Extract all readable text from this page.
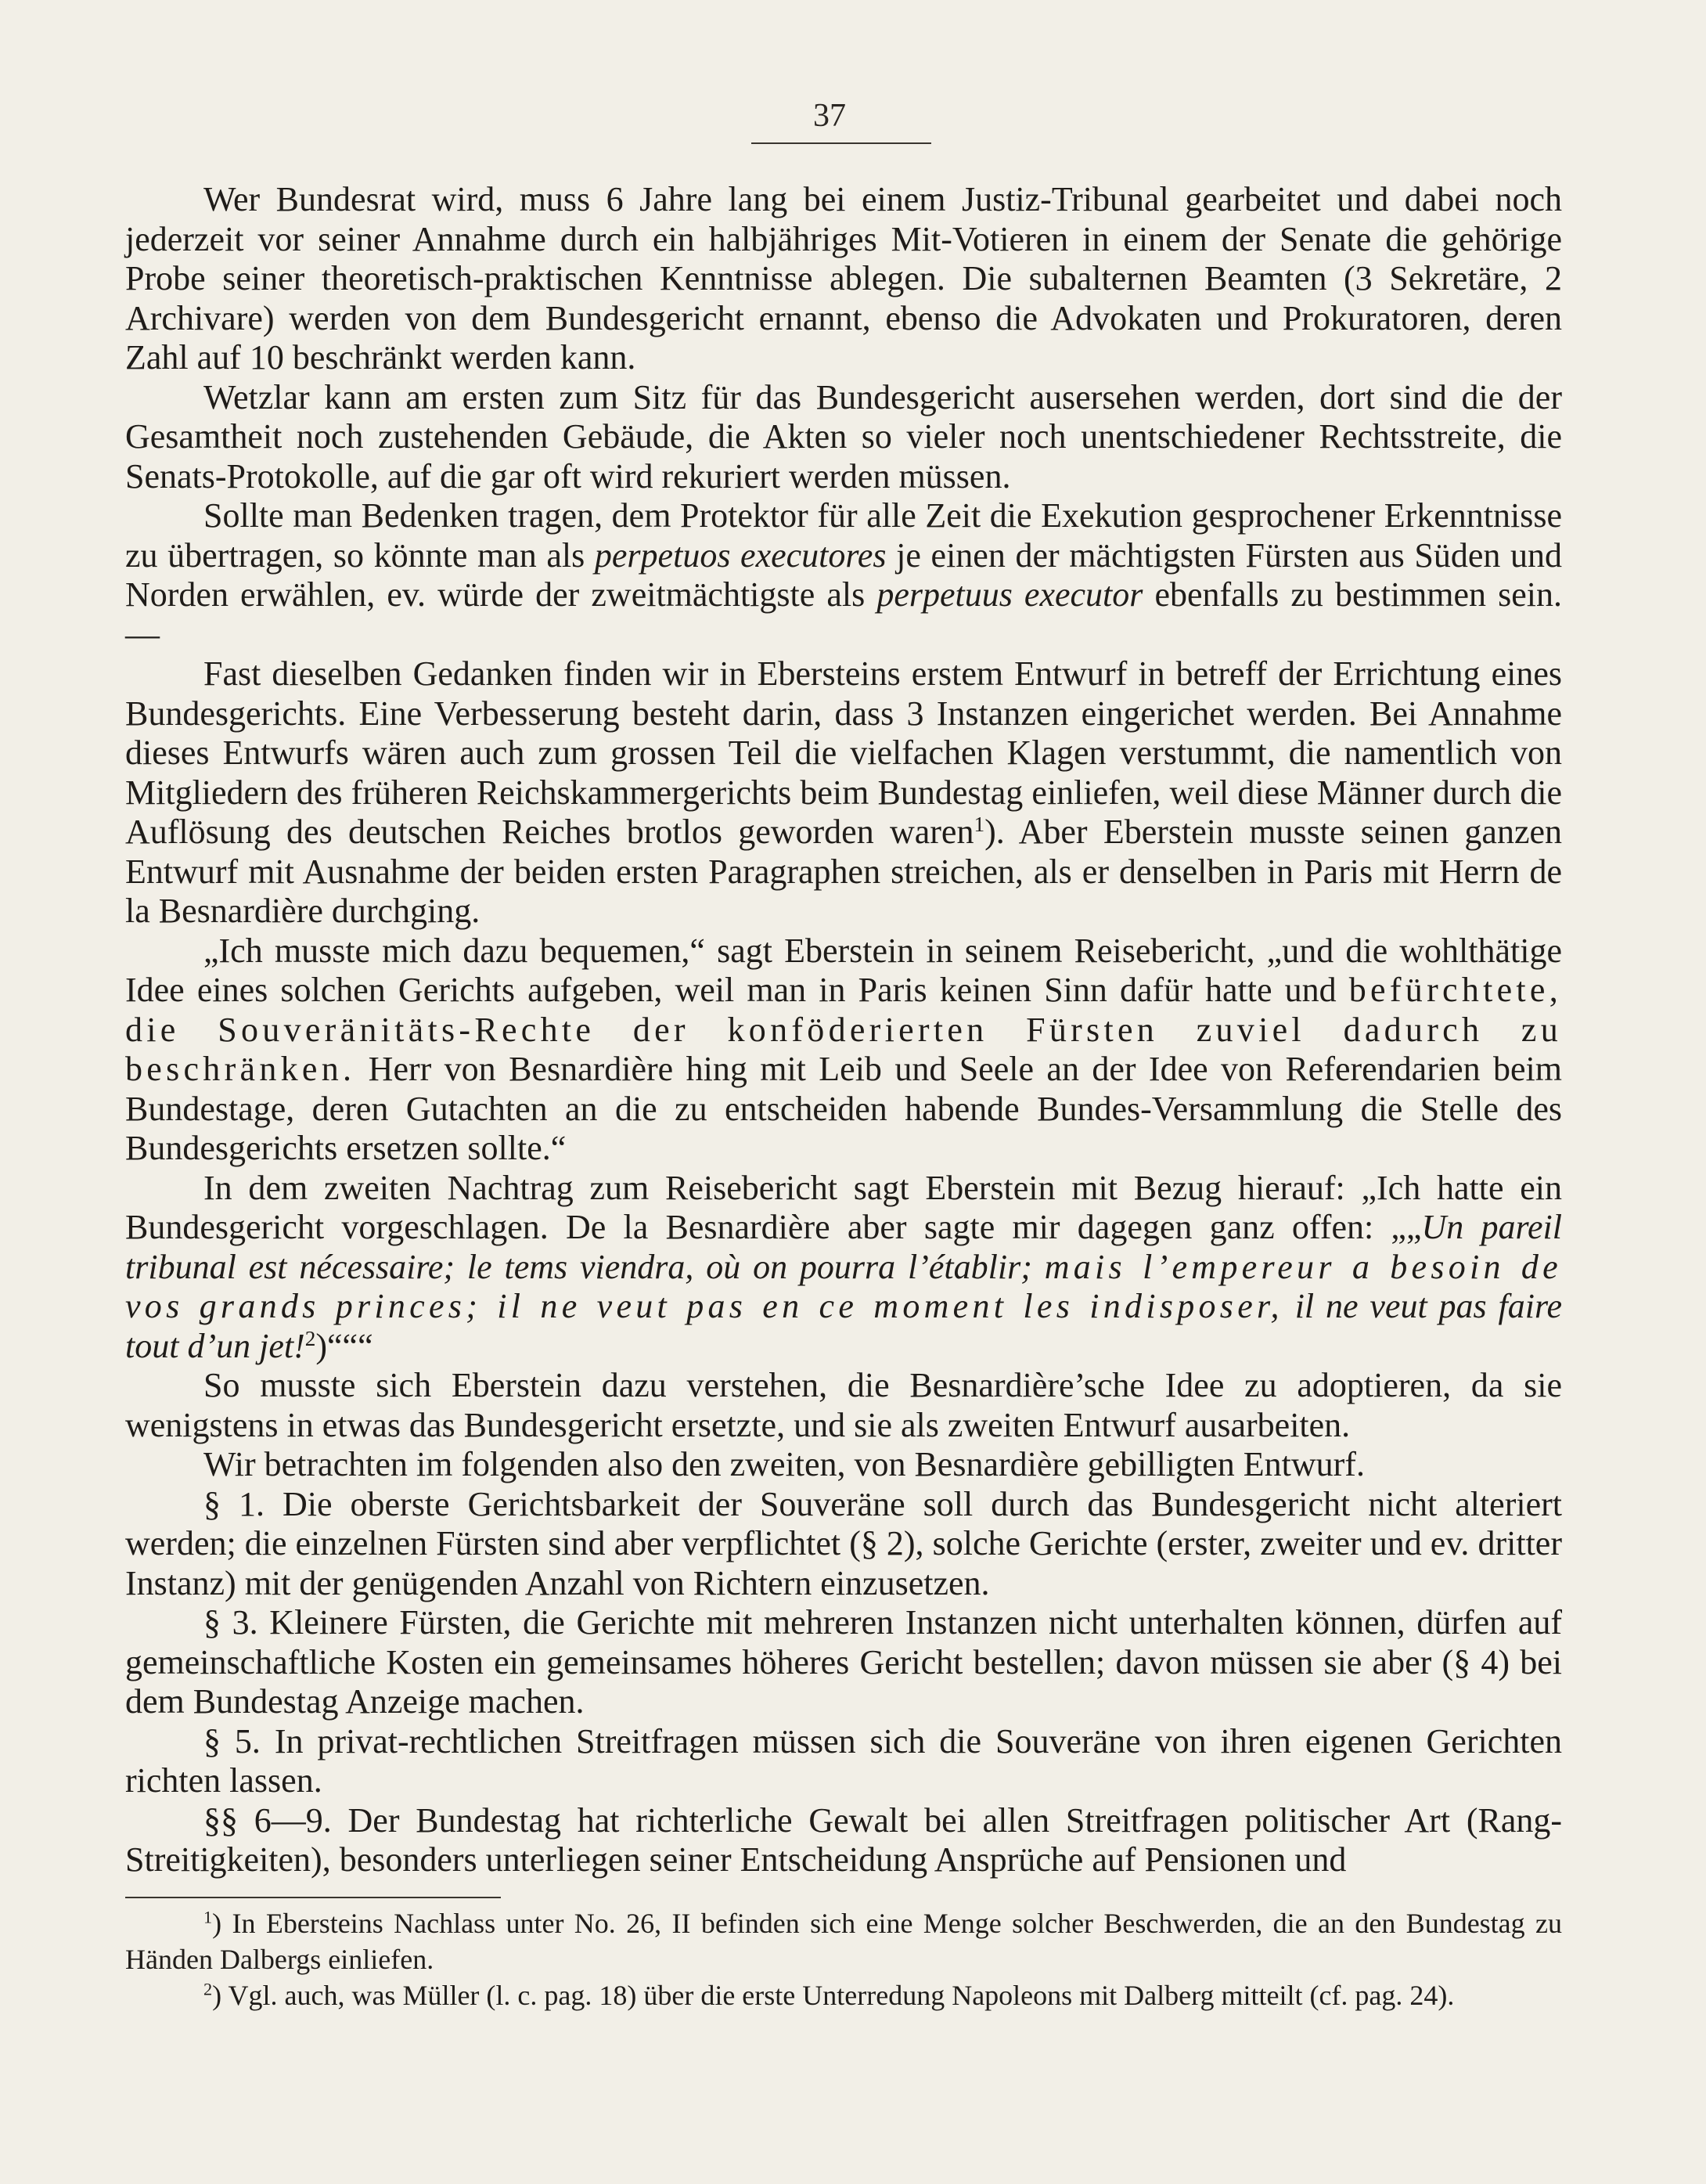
37

Wer Bundesrat wird, muss 6 Jahre lang bei einem Justiz-Tribunal gearbeitet und dabei noch jederzeit vor seiner Annahme durch ein halbjähriges Mit-Votieren in einem der Senate die gehörige Probe seiner theoretisch-praktischen Kenntnisse ablegen. Die subalternen Beamten (3 Sekretäre, 2 Archivare) werden von dem Bundesgericht ernannt, ebenso die Advokaten und Prokuratoren, deren Zahl auf 10 beschränkt werden kann.

Wetzlar kann am ersten zum Sitz für das Bundesgericht ausersehen werden, dort sind die der Gesamtheit noch zustehenden Gebäude, die Akten so vieler noch unentschiedener Rechtsstreite, die Senats-Protokolle, auf die gar oft wird rekuriert werden müssen.

Sollte man Bedenken tragen, dem Protektor für alle Zeit die Exekution gesprochener Erkenntnisse zu übertragen, so könnte man als perpetuos executores je einen der mächtigsten Fürsten aus Süden und Norden erwählen, ev. würde der zweitmächtigste als perpetuus executor ebenfalls zu bestimmen sein. —

Fast dieselben Gedanken finden wir in Ebersteins erstem Entwurf in betreff der Errichtung eines Bundesgerichts. Eine Verbesserung besteht darin, dass 3 Instanzen eingerichet werden. Bei Annahme dieses Entwurfs wären auch zum grossen Teil die vielfachen Klagen verstummt, die namentlich von Mitgliedern des früheren Reichskammergerichts beim Bundestag einliefen, weil diese Männer durch die Auflösung des deutschen Reiches brotlos geworden waren$^1$). Aber Eberstein musste seinen ganzen Entwurf mit Ausnahme der beiden ersten Paragraphen streichen, als er denselben in Paris mit Herrn de la Besnardière durchging.

„Ich musste mich dazu bequemen,“ sagt Eberstein in seinem Reisebericht, „und die wohlthätige Idee eines solchen Gerichts aufgeben, weil man in Paris keinen Sinn dafür hatte und befürchtete, die Souveränitäts-Rechte der konföderierten Fürsten zuviel dadurch zu beschränken. Herr von Besnardière hing mit Leib und Seele an der Idee von Referendarien beim Bundestage, deren Gutachten an die zu entscheiden habende Bundes-Versammlung die Stelle des Bundesgerichts ersetzen sollte.“

In dem zweiten Nachtrag zum Reisebericht sagt Eberstein mit Bezug hierauf: „Ich hatte ein Bundesgericht vorgeschlagen. De la Besnardière aber sagte mir dagegen ganz offen: „„Un pareil tribunal est nécessaire; le tems viendra, où on pourra l’établir; mais l’empereur a besoin de vos grands princes; il ne veut pas en ce moment les indisposer, il ne veut pas faire tout d’un jet!$^2$)“““

So musste sich Eberstein dazu verstehen, die Besnardière’sche Idee zu adoptieren, da sie wenigstens in etwas das Bundesgericht ersetzte, und sie als zweiten Entwurf ausarbeiten.

Wir betrachten im folgenden also den zweiten, von Besnardière gebilligten Entwurf.

§ 1. Die oberste Gerichtsbarkeit der Souveräne soll durch das Bundesgericht nicht alteriert werden; die einzelnen Fürsten sind aber verpflichtet (§ 2), solche Gerichte (erster, zweiter und ev. dritter Instanz) mit der genügenden Anzahl von Richtern einzusetzen.

§ 3. Kleinere Fürsten, die Gerichte mit mehreren Instanzen nicht unterhalten können, dürfen auf gemeinschaftliche Kosten ein gemeinsames höheres Gericht bestellen; davon müssen sie aber (§ 4) bei dem Bundestag Anzeige machen.

§ 5. In privat-rechtlichen Streitfragen müssen sich die Souveräne von ihren eigenen Gerichten richten lassen.

§§ 6—9. Der Bundestag hat richterliche Gewalt bei allen Streitfragen politischer Art (Rang-Streitigkeiten), besonders unterliegen seiner Entscheidung Ansprüche auf Pensionen und

$^1$) In Ebersteins Nachlass unter No. 26, II befinden sich eine Menge solcher Beschwerden, die an den Bundestag zu Händen Dalbergs einliefen.

$^2$) Vgl. auch, was Müller (l. c. pag. 18) über die erste Unterredung Napoleons mit Dalberg mitteilt (cf. pag. 24).
